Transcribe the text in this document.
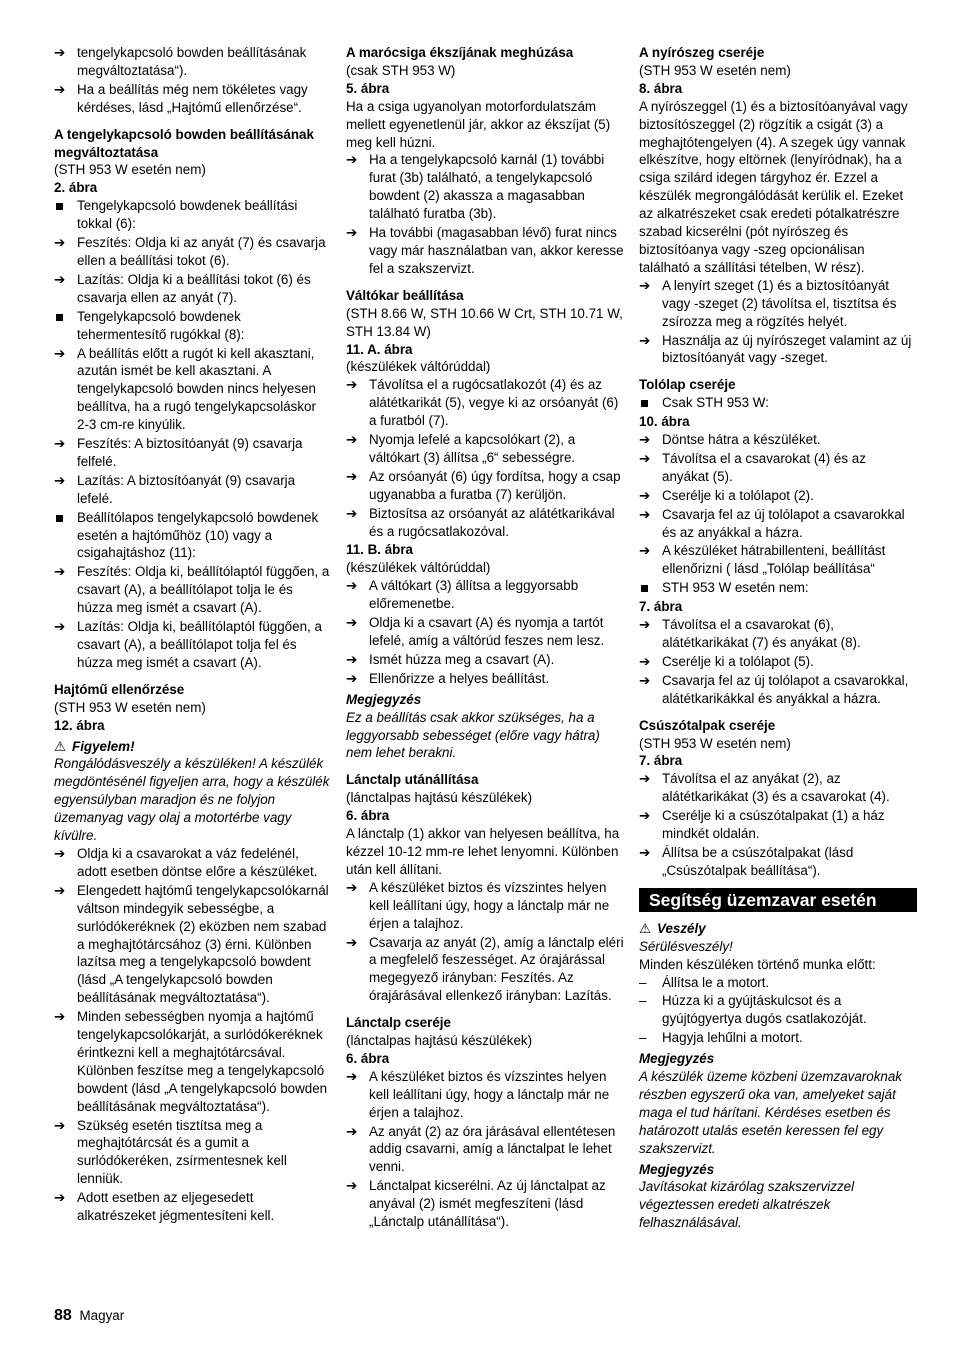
➔ tengelykapcsoló bowden beállításának megváltoztatása“).
➔ Ha a beállítás még nem tökéletes vagy kérdéses, lásd „Hajtómű ellenőrzése“.
A tengelykapcsoló bowden beállításának megváltoztatása
(STH 953 W esetén nem)
2. ábra
Tengelykapcsoló bowdenek beállítási tokkal (6):
➔ Feszítés: Oldja ki az anyát (7) és csavarja ellen a beállítási tokot (6).
➔ Lazítás: Oldja ki a beállítási tokot (6) és csavarja ellen az anyát (7).
Tengelykapcsoló bowdenek tehermentesítő rugókkal (8):
➔ A beállítás előtt a rugót ki kell akasztani, azután ismét be kell akasztani. A tengelykapcsoló bowden nincs helyesen beállítva, ha a rugó tengelykapcsoláskor 2-3 cm-re kinyúlik.
➔ Feszítés: A biztosítóanyát (9) csavarja felfelé.
➔ Lazítás: A biztosítóanyát (9) csavarja lefelé.
Beállítólapos tengelykapcsoló bowdenek esetén a hajtóműhöz (10) vagy a csigahajtáshoz (11):
➔ Feszítés: Oldja ki, beállítólaptól függően, a csavart (A), a beállítólapot tolja le és húzza meg ismét a csavart (A).
➔ Lazítás: Oldja ki, beállítólaptól függően, a csavart (A), a beállítólapot tolja fel és húzza meg ismét a csavart (A).
Hajtómű ellenőrzése
(STH 953 W esetén nem)
12. ábra
⚠ Figyelem!
Rongálódásveszély a készüléken! A készülék megdöntésénél figyeljen arra, hogy a készülék egyensúlyban maradjon és ne folyjon üzemanyag vagy olaj a motortérbe vagy kívülre.
➔ Oldja ki a csavarokat a váz fedelénél, adott esetben döntse előre a készüléket.
➔ Elengedett hajtómű tengelykapcsolókarnál váltson mindegyik sebességbe, a surlódókeréknek (2) eközben nem szabad a meghajtótárcsához (3) érni. Különben lazítsa meg a tengelykapcsoló bowdent (lásd „A tengelykapcsoló bowden beállításának megváltoztatása“).
➔ Minden sebességben nyomja a hajtómű tengelykapcsolókarját, a surlódókeréknek érintkezni kell a meghajtótárcsával. Különben feszítse meg a tengelykapcsoló bowdent (lásd „A tengelykapcsoló bowden beállításának megváltoztatása“).
➔ Szükség esetén tisztítsa meg a meghajtótárcsát és a gumit a surlódókeréken, zsírmentesnek kell lenniük.
➔ Adott esetben az eljegesedett alkatrészeket jégmentesíteni kell.
A marócsiga ékszíjának meghúzása
(csak STH 953 W)
5. ábra
Ha a csiga ugyanolyan motorfordulatszám mellett egyenetlenül jár, akkor az ékszíjat (5) meg kell húzni.
➔ Ha a tengelykapcsoló karnál (1) további furat (3b) található, a tengelykapcsoló bowdent (2) akassza a magasabban található furatba (3b).
➔ Ha további (magasabban lévő) furat nincs vagy már használatban van, akkor keresse fel a szakszervizt.
Váltókar beállítása
(STH 8.66 W, STH 10.66 W Crt, STH 10.71 W, STH 13.84 W)
11. A. ábra
(készülékek váltórúddal)
➔ Távolítsa el a rugócsatlakozót (4) és az alátétkarikát (5), vegye ki az orsóanyát (6) a furatból (7).
➔ Nyomja lefelé a kapcsolókart (2), a váltókart (3) állítsa „6“ sebességre.
➔ Az orsóanyát (6) úgy fordítsa, hogy a csap ugyanabba a furatba (7) kerüljön.
➔ Biztosítsa az orsóanyát az alátétkarikával és a rugócsatlakozóval.
11. B. ábra
(készülékek váltórúddal)
➔ A váltókart (3) állítsa a leggyorsabb előremenetbe.
➔ Oldja ki a csavart (A) és nyomja a tartót lefelé, amíg a váltórúd feszes nem lesz.
➔ Ismét húzza meg a csavart (A).
➔ Ellenőrizze a helyes beállítást.
Megjegyzés
Ez a beállítás csak akkor szükséges, ha a leggyorsabb sebességet (előre vagy hátra) nem lehet berakni.
Lánctalp utánállítása
(lánctalpas hajtású készülékek)
6. ábra
A lánctalp (1) akkor van helyesen beállítva, ha kézzel 10-12 mm-re lehet lenyomni. Különben után kell állítani.
➔ A készüléket biztos és vízszintes helyen kell leállítani úgy, hogy a lánctalp már ne érjen a talajhoz.
➔ Csavarja az anyát (2), amíg a lánctalp eléri a megfelelő feszességet. Az órajárással megegyező irányban: Feszítés. Az órajárásával ellenkező irányban: Lazítás.
Lánctalp cseréje
(lánctalpas hajtású készülékek)
6. ábra
➔ A készüléket biztos és vízszintes helyen kell leállítani úgy, hogy a lánctalp már ne érjen a talajhoz.
➔ Az anyát (2) az óra járásával ellentétesen addig csavarni, amíg a lánctalpat le lehet venni.
➔ Lánctalpat kicserélni. Az új lánctalpat az anyával (2) ismét megfeszíteni (lásd „Lánctalp utánállítása“).
A nyírószeg cseréje
(STH 953 W esetén nem)
8. ábra
A nyírószeggel (1) és a biztosítóanyával vagy biztosítószeggel (2) rögzítik a csigát (3) a meghajtótengelyen (4). A szegek úgy vannak elkészítve, hogy eltörnek (lenyíródnak), ha a csiga szilárd idegen tárgyhoz ér. Ezzel a készülék megrongálódását kerülik el. Ezeket az alkatrészeket csak eredeti pótalkatrészre szabad kicserélni (pót nyírószeg és biztosítóanya vagy -szeg opcionálisan található a szállítási tételben, W rész).
➔ A lenyírt szeget (1) és a biztosítóanyát vagy -szeget (2) távolítsa el, tisztítsa és zsírozza meg a rögzítés helyét.
➔ Használja az új nyírószeget valamint az új biztosítóanyát vagy -szeget.
Tolólap cseréje
Csak STH 953 W:
10. ábra
➔ Döntse hátra a készüléket.
➔ Távolítsa el a csavarokat (4) és az anyákat (5).
➔ Cserélje ki a tolólapot (2).
➔ Csavarja fel az új tolólapot a csavarokkal és az anyákkal a házra.
➔ A készüléket hátrabillenteni, beállítást ellenőrizni ( lásd „Tolólap beállítása“
STH 953 W esetén nem:
7. ábra
➔ Távolítsa el a csavarokat (6), alátétkarikákat (7) és anyákat (8).
➔ Cserélje ki a tolólapot (5).
➔ Csavarja fel az új tolólapot a csavarokkal, alátétkarikákkal és anyákkal a házra.
Csúszótalpak cseréje
(STH 953 W esetén nem)
7. ábra
➔ Távolítsa el az anyákat (2), az alátétkarikákat (3) és a csavarokat (4).
➔ Cserélje ki a csúszótalpakat (1) a ház mindkét oldalán.
➔ Állítsa be a csúszótalpakat (lásd „Csúszótalpak beállítása“).
Segítség üzemzavar esetén
⚠ Veszély
Sérülésveszély!
Minden készüléken történő munka előtt:
–	Állítsa le a motort.
–	Húzza ki a gyújtáskulcsot és a gyújtógyertya dugós csatlakozóját.
–	Hagyja lehűlni a motort.
Megjegyzés
A készülék üzeme közbeni üzemzavaroknak részben egyszerű oka van, amelyeket saját maga el tud hárítani. Kérdéses esetben és határozott utalás esetén keressen fel egy szakszervizt.
Megjegyzés
Javításokat kizárólag szakszervizzel végeztessen eredeti alkatrészek felhasználásával.
88 Magyar
